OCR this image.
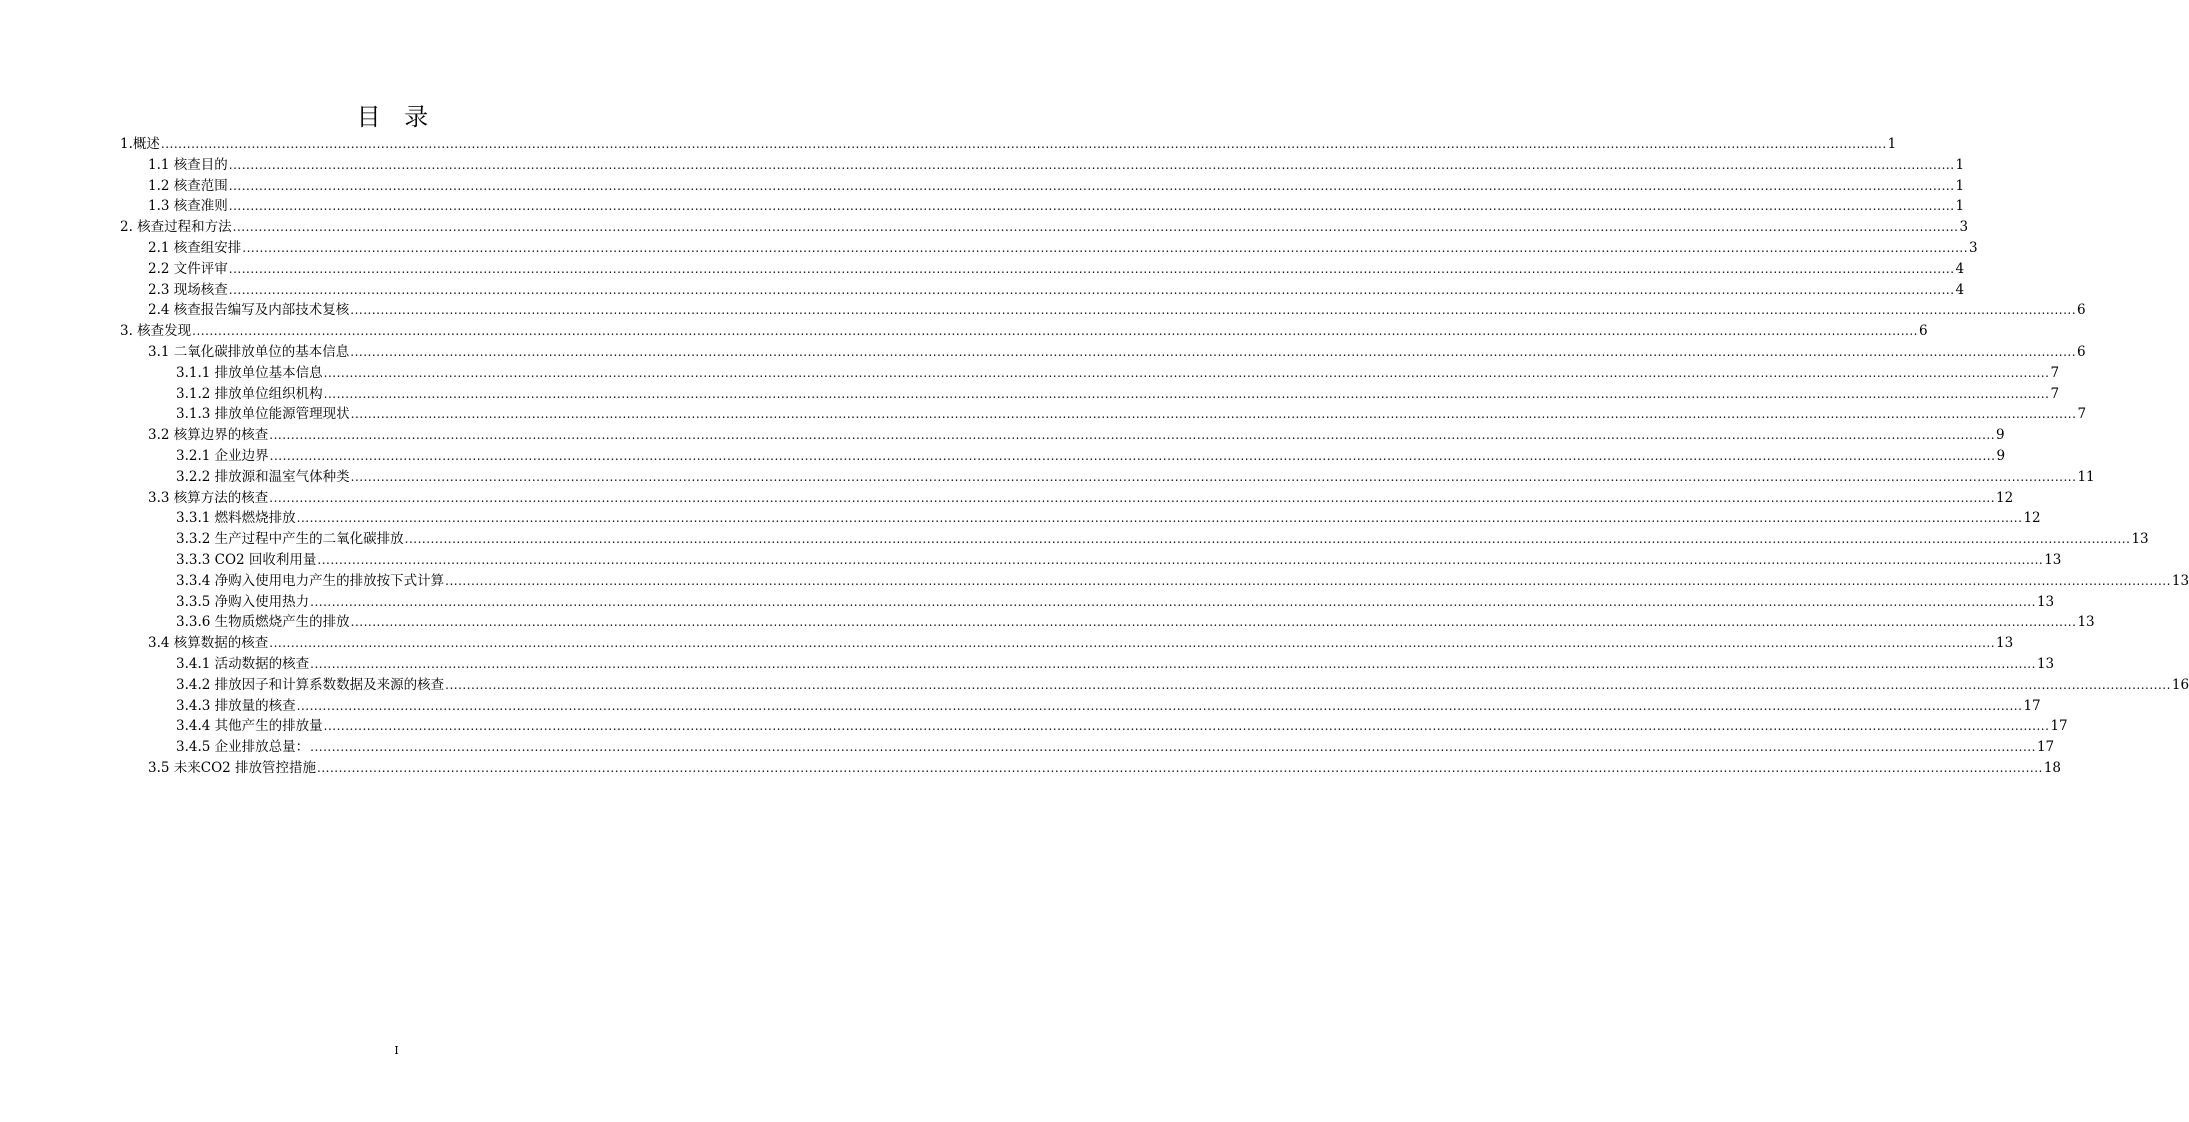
目 录
1.概述 ................................................................................................................................................................................................................................................................................................................................................................................................................ 1
1.1 核查目的 ................................................................................................................................................................................................................................................................................................................................................................................................................ 1
1.2 核查范围 ................................................................................................................................................................................................................................................................................................................................................................................................................ 1
1.3 核查准则 ................................................................................................................................................................................................................................................................................................................................................................................................................ 1
2. 核查过程和方法 ................................................................................................................................................................................................................................................................................................................................................................................................................ 3
2.1 核查组安排 ................................................................................................................................................................................................................................................................................................................................................................................................................ 3
2.2 文件评审 ................................................................................................................................................................................................................................................................................................................................................................................................................ 4
2.3 现场核查 ................................................................................................................................................................................................................................................................................................................................................................................................................ 4
2.4 核查报告编写及内部技术复核 ................................................................................................................................................................................................................................................................................................................................................................................................................ 6
3. 核查发现 ................................................................................................................................................................................................................................................................................................................................................................................................................ 6
3.1 二氧化碳排放单位的基本信息 ................................................................................................................................................................................................................................................................................................................................................................................................................ 6
3.1.1 排放单位基本信息 ................................................................................................................................................................................................................................................................................................................................................................................................................ 7
3.1.2 排放单位组织机构 ................................................................................................................................................................................................................................................................................................................................................................................................................ 7
3.1.3 排放单位能源管理现状 ................................................................................................................................................................................................................................................................................................................................................................................................................ 7
3.2 核算边界的核查 ................................................................................................................................................................................................................................................................................................................................................................................................................ 9
3.2.1 企业边界 ................................................................................................................................................................................................................................................................................................................................................................................................................ 9
3.2.2 排放源和温室气体种类 ................................................................................................................................................................................................................................................................................................................................................................................................................ 11
3.3 核算方法的核查 ................................................................................................................................................................................................................................................................................................................................................................................................................ 12
3.3.1 燃料燃烧排放 ................................................................................................................................................................................................................................................................................................................................................................................................................ 12
3.3.2 生产过程中产生的二氧化碳排放 ................................................................................................................................................................................................................................................................................................................................................................................................................ 13
3.3.3 CO2 回收利用量 ................................................................................................................................................................................................................................................................................................................................................................................................................ 13
3.3.4 净购入使用电力产生的排放按下式计算 ................................................................................................................................................................................................................................................................................................................................................................................................................ 13
3.3.5 净购入使用热力 ................................................................................................................................................................................................................................................................................................................................................................................................................ 13
3.3.6 生物质燃烧产生的排放 ................................................................................................................................................................................................................................................................................................................................................................................................................ 13
3.4 核算数据的核查 ................................................................................................................................................................................................................................................................................................................................................................................................................ 13
3.4.1 活动数据的核查 ................................................................................................................................................................................................................................................................................................................................................................................................................ 13
3.4.2 排放因子和计算系数数据及来源的核查 ................................................................................................................................................................................................................................................................................................................................................................................................................ 16
3.4.3 排放量的核查 ................................................................................................................................................................................................................................................................................................................................................................................................................ 17
3.4.4 其他产生的排放量 ................................................................................................................................................................................................................................................................................................................................................................................................................ 17
3.4.5 企业排放总量： ................................................................................................................................................................................................................................................................................................................................................................................................................ 17
3.5 未来CO2 排放管控措施 ................................................................................................................................................................................................................................................................................................................................................................................................................ 18
I
